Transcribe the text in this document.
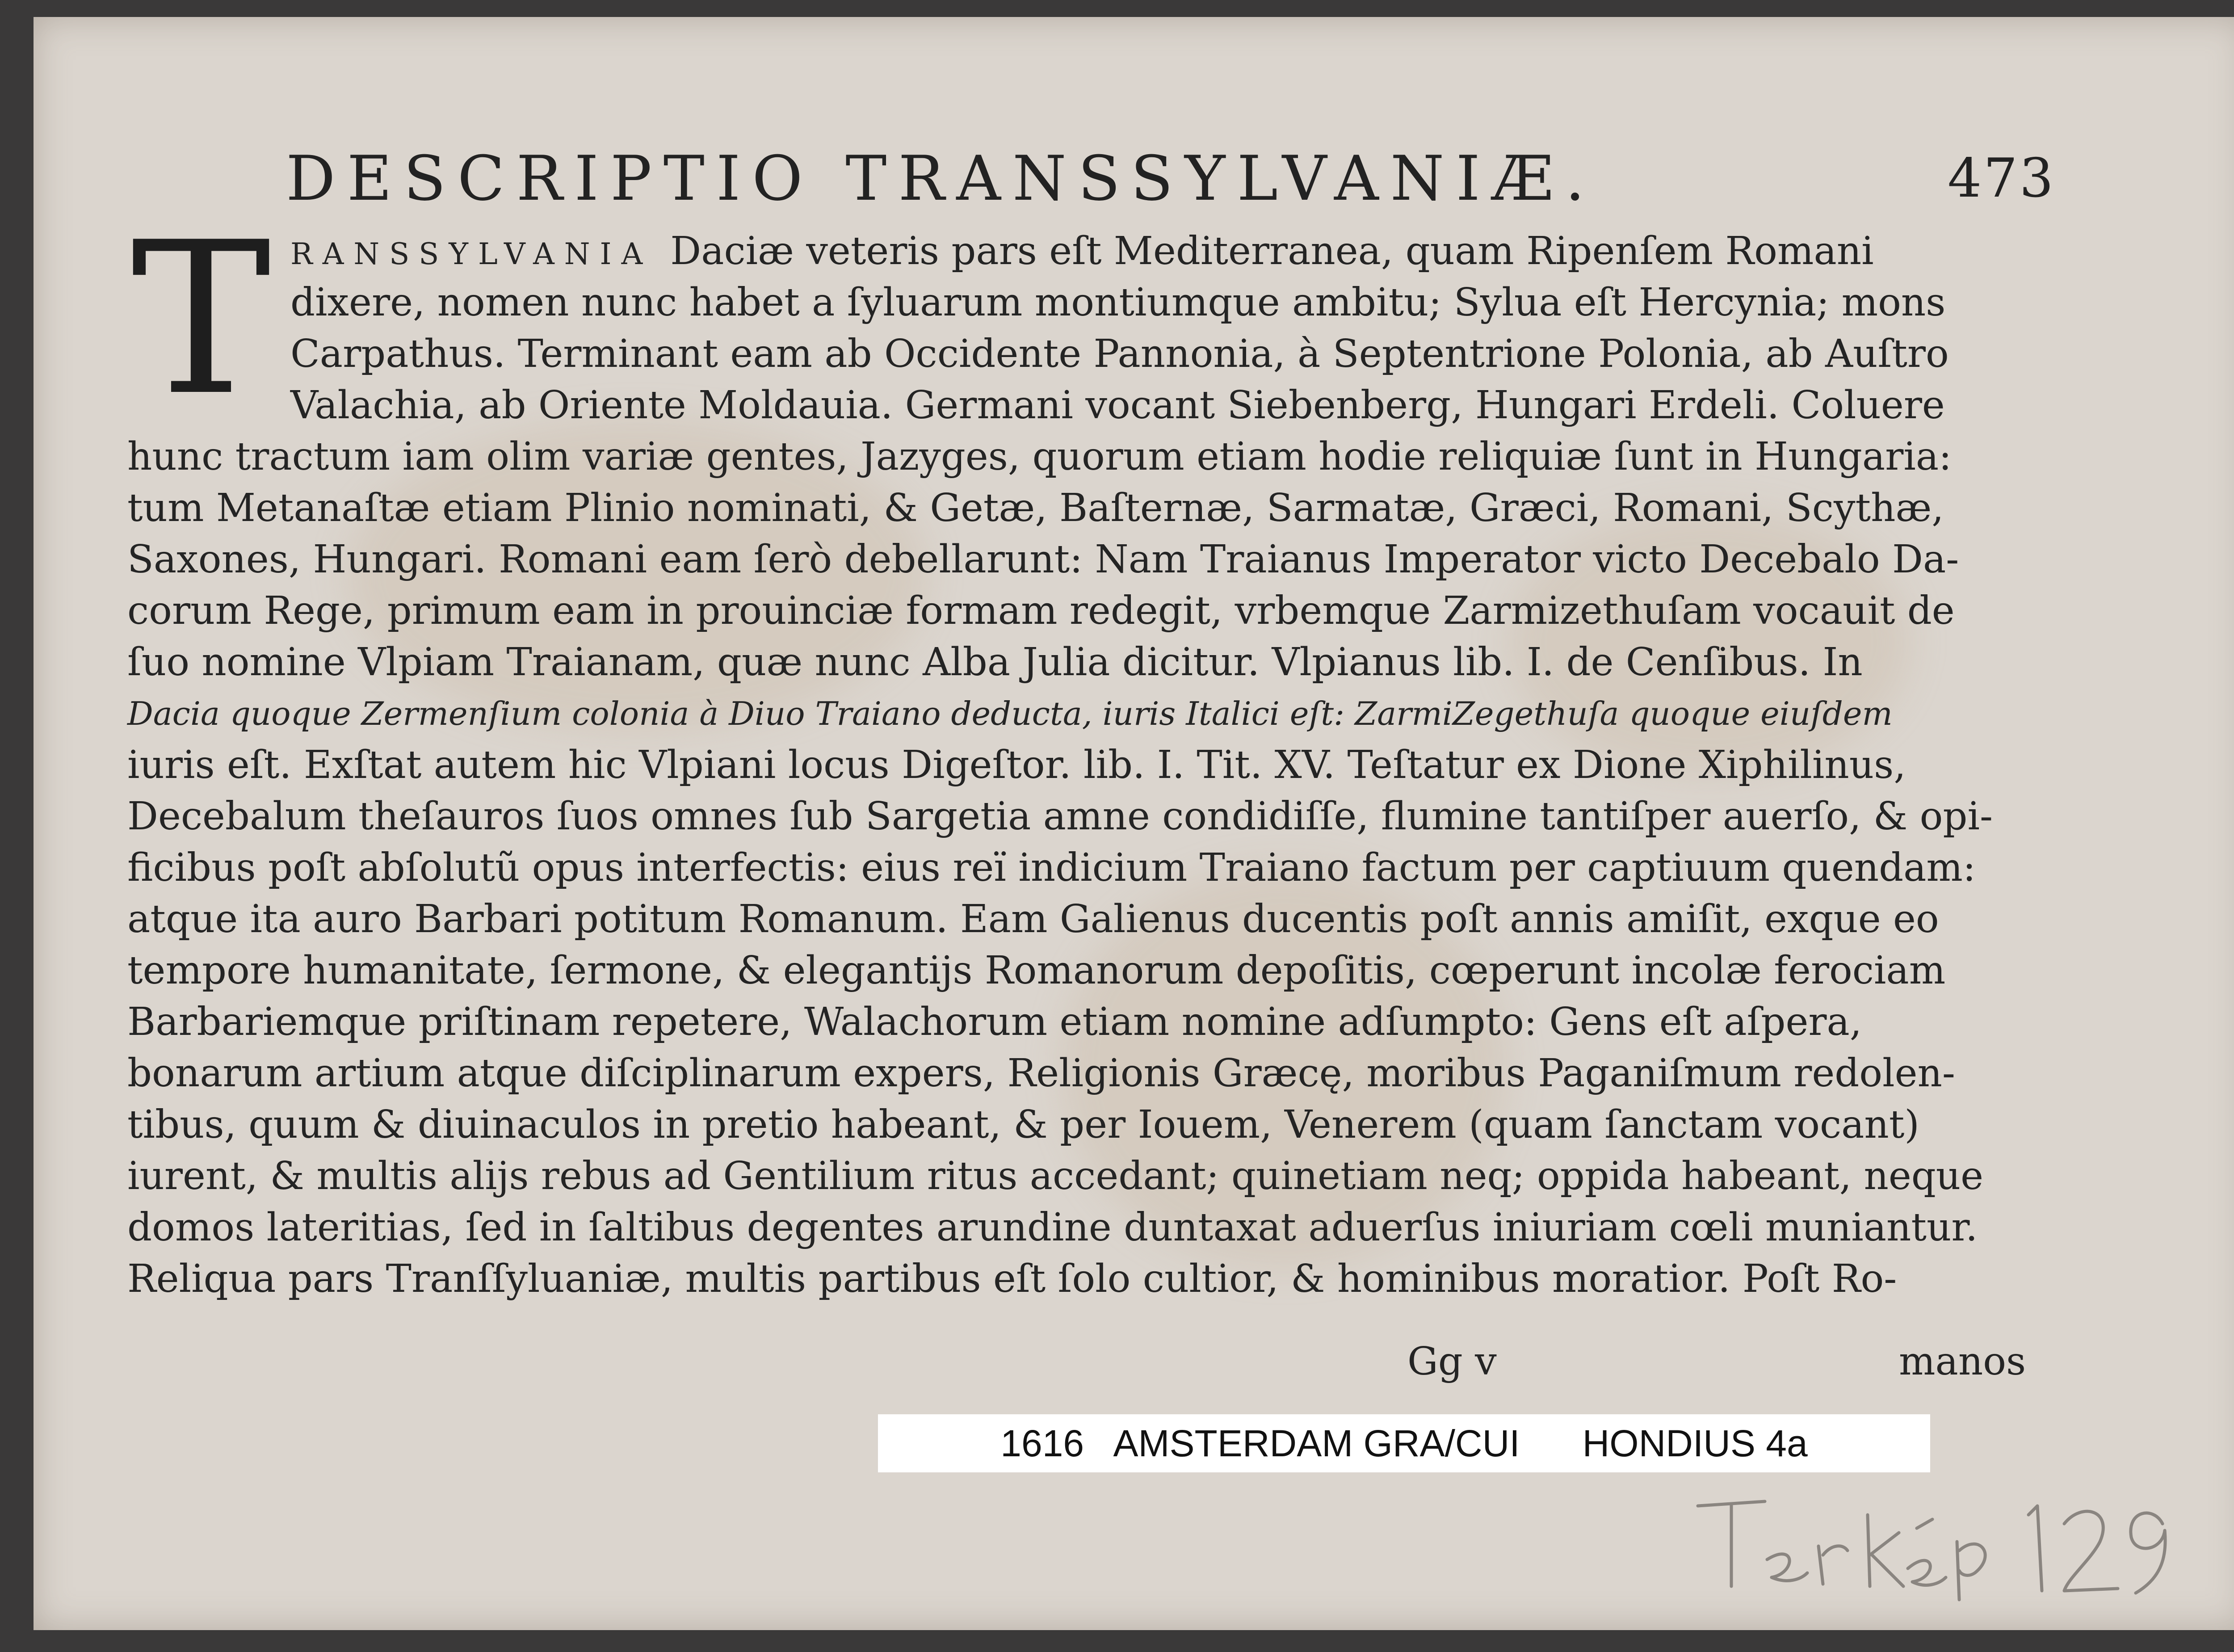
DESCRIPTIO TRANSSYLVANIÆ.	473
T RANSSYLVANIA Daciæ veteris pars eſt Mediterranea, quam Ripenſem Romani
dixere, nomen nunc habet a ſyluarum montiumque ambitu; Sylua eſt Hercynia; mons
Carpathus. Terminant eam ab Occidente Pannonia, à Septentrione Polonia, ab Auſtro
Valachia, ab Oriente Moldauia. Germani vocant Siebenberg, Hungari Erdeli. Coluere
hunc tractum iam olim variæ gentes, Jazyges, quorum etiam hodie reliquiæ ſunt in Hungaria:
tum Metanaſtæ etiam Plinio nominati, & Getæ, Baſternæ, Sarmatæ, Græci, Romani, Scythæ,
Saxones, Hungari. Romani eam ſerò debellarunt: Nam Traianus Imperator victo Decebalo Da-
corum Rege, primum eam in prouinciæ formam redegit, vrbemque Zarmizethuſam vocauit de
ſuo nomine Vlpiam Traianam, quæ nunc Alba Julia dicitur. Vlpianus lib. I. de Cenſibus. In
Dacia quoque Zermenſium colonia à Diuo Traiano deducta, iuris Italici eſt: ZarmiZegethuſa quoque eiuſdem
iuris eſt. Exſtat autem hic Vlpiani locus Digeſtor. lib. I. Tit. XV. Teſtatur ex Dione Xiphilinus,
Decebalum theſauros ſuos omnes ſub Sargetia amne condidiſſe, flumine tantiſper auerſo, & opi-
ficibus poſt abſolutũ opus interfectis: eius reï indicium Traiano factum per captiuum quendam:
atque ita auro Barbari potitum Romanum. Eam Galienus ducentis poſt annis amiſit, exque eo
tempore humanitate, ſermone, & elegantijs Romanorum depoſitis, cœperunt incolæ ferociam
Barbariemque priſtinam repetere, Walachorum etiam nomine adſumpto: Gens eſt aſpera,
bonarum artium atque diſciplinarum expers, Religionis Græcę, moribus Paganiſmum redolen-
tibus, quum & diuinaculos in pretio habeant, & per Iouem, Venerem (quam ſanctam vocant)
iurent, & multis alijs rebus ad Gentilium ritus accedant; quinetiam neq; oppida habeant, neque
domos lateritias, ſed in ſaltibus degentes arundine duntaxat aduerſus iniuriam cœli muniantur.
Reliqua pars Tranſſyluaniæ, multis partibus eſt ſolo cultior, & hominibus moratior. Poſt Ro-
Gg v	manos
1616   AMSTERDAM GRA/CUI      HONDIUS 4a
